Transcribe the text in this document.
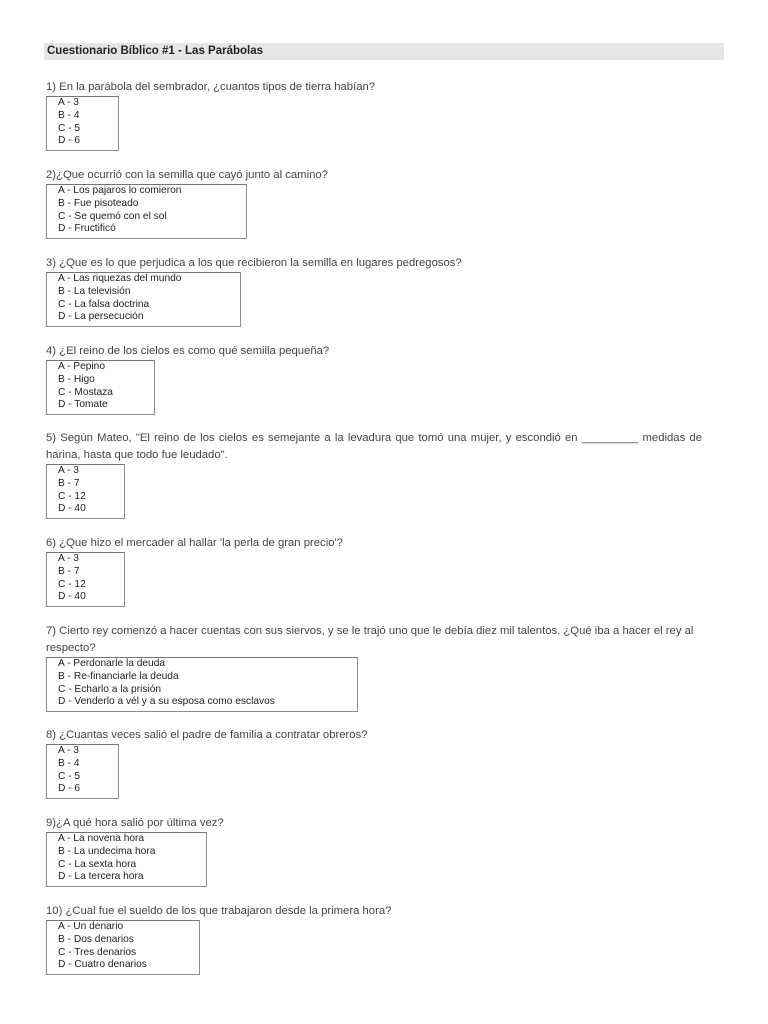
Cuestionario Bíblico #1 - Las Parábolas
1) En la parábola del sembrador, ¿cuantos tipos de tierra habían?
A - 3
B - 4
C - 5
D - 6
2)¿Que ocurrió con la semilla que cayó junto al camino?
A - Los pajaros lo comieron
B - Fue pisoteado
C - Se quemó con el sol
D - Fructificó
3) ¿Que es lo que perjudica a los que recibieron la semilla en lugares pedregosos?
A - Las riquezas del mundo
B - La televisión
C - La falsa doctrina
D - La persecución
4) ¿El reino de los cielos es como qué semilla pequeña?
A - Pepino
B - Higo
C - Mostaza
D - Tomate
5) Según Mateo, "El reino de los cielos es semejante a la levadura que tomó una mujer, y escondió en _________ medidas de harina, hasta que todo fue leudado".
A - 3
B - 7
C - 12
D - 40
6) ¿Que hizo el mercader al hallar 'la perla de gran precio'?
A - 3
B - 7
C - 12
D - 40
7) Cierto rey comenzó a hacer cuentas con sus siervos, y se le trajó uno que le debía diez mil talentos. ¿Qué iba a hacer el rey al respecto?
A - Perdonarle la deuda
B - Re-financiarle la deuda
C - Echarlo a la prisión
D - Venderlo a vél y a su esposa como esclavos
8) ¿Cuantas veces salió el padre de familia a contratar obreros?
A - 3
B - 4
C - 5
D - 6
9)¿A qué hora salió por última vez?
A - La novena hora
B - La undecima hora
C - La sexta hora
D - La tercera hora
10) ¿Cual fue el sueldo de los que trabajaron desde la primera hora?
A - Un denario
B - Dos denarios
C - Tres denarios
D - Cuatro denarios
